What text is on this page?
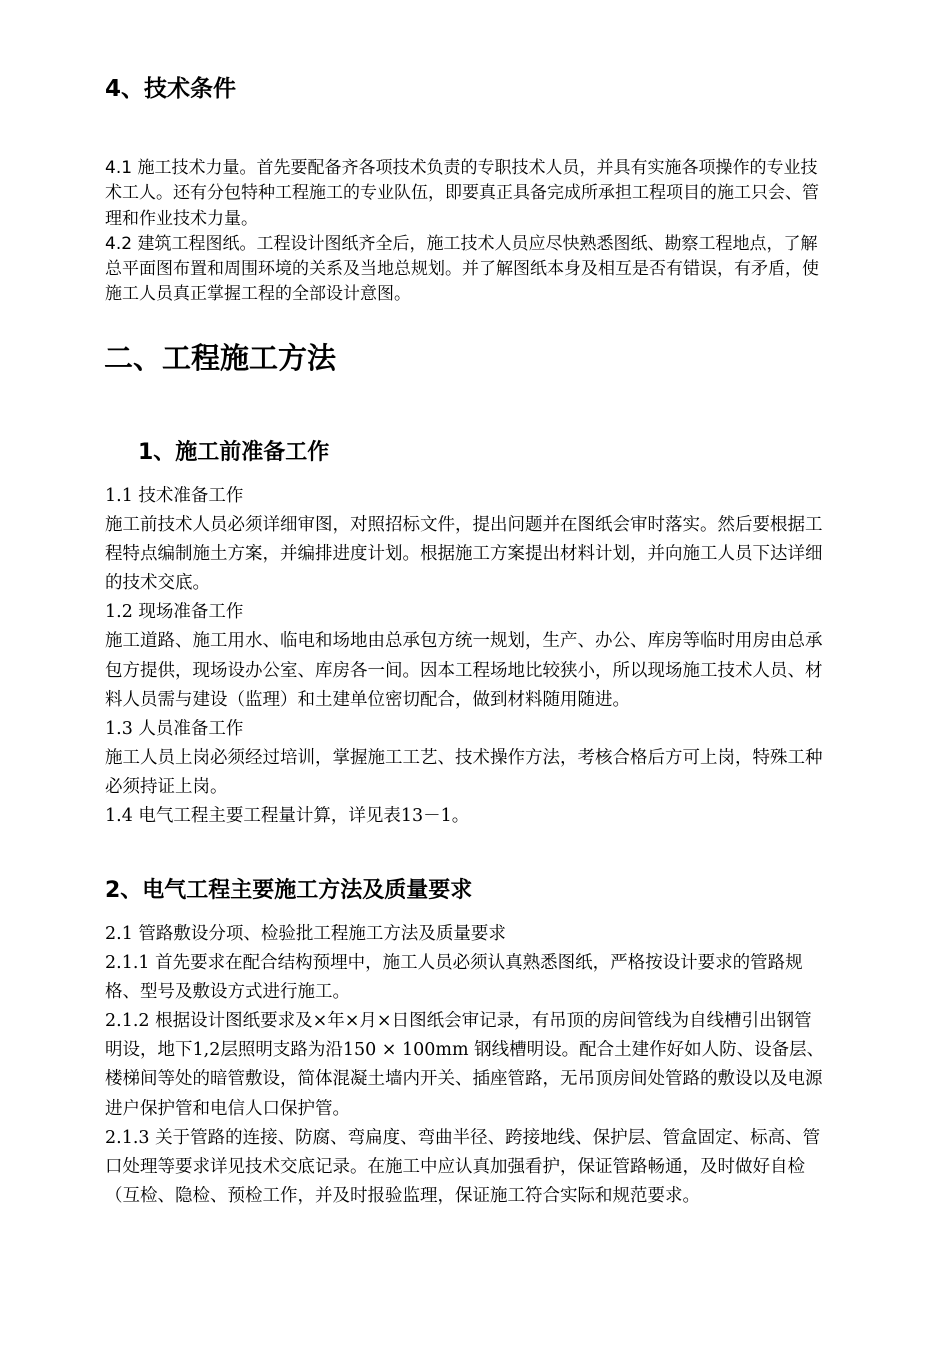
4、技术条件

4.1 施工技术力量。首先要配备齐各项技术负责的专职技术人员，并具有实施各项操作的专业技术工人。还有分包特种工程施工的专业队伍，即要真正具备完成所承担工程项目的施工只会、管理和作业技术力量。

4.2 建筑工程图纸。工程设计图纸齐全后，施工技术人员应尽快熟悉图纸、勘察工程地点，了解总平面图布置和周围环境的关系及当地总规划。并了解图纸本身及相互是否有错误，有矛盾，使施工人员真正掌握工程的全部设计意图。

二、工程施工方法
1、施工前准备工作

1.1 技术准备工作

施工前技术人员必须详细审图，对照招标文件，提出问题并在图纸会审时落实。然后要根据工程特点编制施土方案，并编排进度计划。根据施工方案提出材料计划，并向施工人员下达详细的技术交底。

1.2 现场准备工作

施工道路、施工用水、临电和场地由总承包方统一规划，生产、办公、库房等临时用房由总承包方提供，现场设办公室、库房各一间。因本工程场地比较狭小，所以现场施工技术人员、材料人员需与建设（监理）和土建单位密切配合，做到材料随用随进。

1.3 人员准备工作

施工人员上岗必须经过培训，掌握施工工艺、技术操作方法，考核合格后方可上岗，特殊工种必须持证上岗。

1.4 电气工程主要工程量计算，详见表13－1。

2、电气工程主要施工方法及质量要求

2.1 管路敷设分项、检验批工程施工方法及质量要求

2.1.1 首先要求在配合结构预埋中，施工人员必须认真熟悉图纸，严格按设计要求的管路规格、型号及敷设方式进行施工。

2.1.2 根据设计图纸要求及×年×月×日图纸会审记录，有吊顶的房间管线为自线槽引出钢管明设，地下1,2层照明支路为沿150 × 100mm 钢线槽明设。配合土建作好如人防、设备层、楼梯间等处的暗管敷设，简体混凝土墙内开关、插座管路，无吊顶房间处管路的敷设以及电源进户保护管和电信人口保护管。

2.1.3 关于管路的连接、防腐、弯扁度、弯曲半径、跨接地线、保护层、管盒固定、标高、管口处理等要求详见技术交底记录。在施工中应认真加强看护，保证管路畅通，及时做好自检（互检、隐检、预检工作，并及时报验监理，保证施工符合实际和规范要求。
